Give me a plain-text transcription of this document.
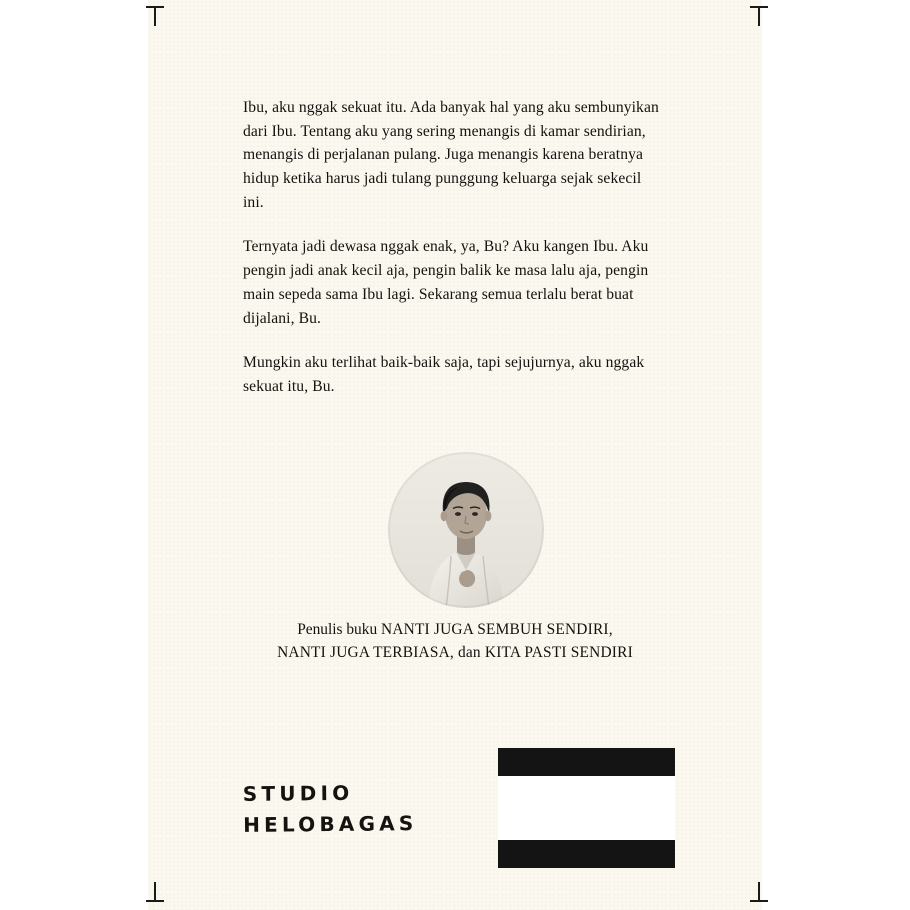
Ibu, aku nggak sekuat itu. Ada banyak hal yang aku sembunyikan dari Ibu. Tentang aku yang sering menangis di kamar sendirian, menangis di perjalanan pulang. Juga menangis karena beratnya hidup ketika harus jadi tulang punggung keluarga sejak sekecil ini.

Ternyata jadi dewasa nggak enak, ya, Bu? Aku kangen Ibu. Aku pengin jadi anak kecil aja, pengin balik ke masa lalu aja, pengin main sepeda sama Ibu lagi. Sekarang semua terlalu berat buat dijalani, Bu.

Mungkin aku terlihat baik-baik saja, tapi sejujurnya, aku nggak sekuat itu, Bu.

Penulis buku NANTI JUGA SEMBUH SENDIRI,
NANTI JUGA TERBIASA, dan KITA PASTI SENDIRI
STUDIO
HELOBAGAS
